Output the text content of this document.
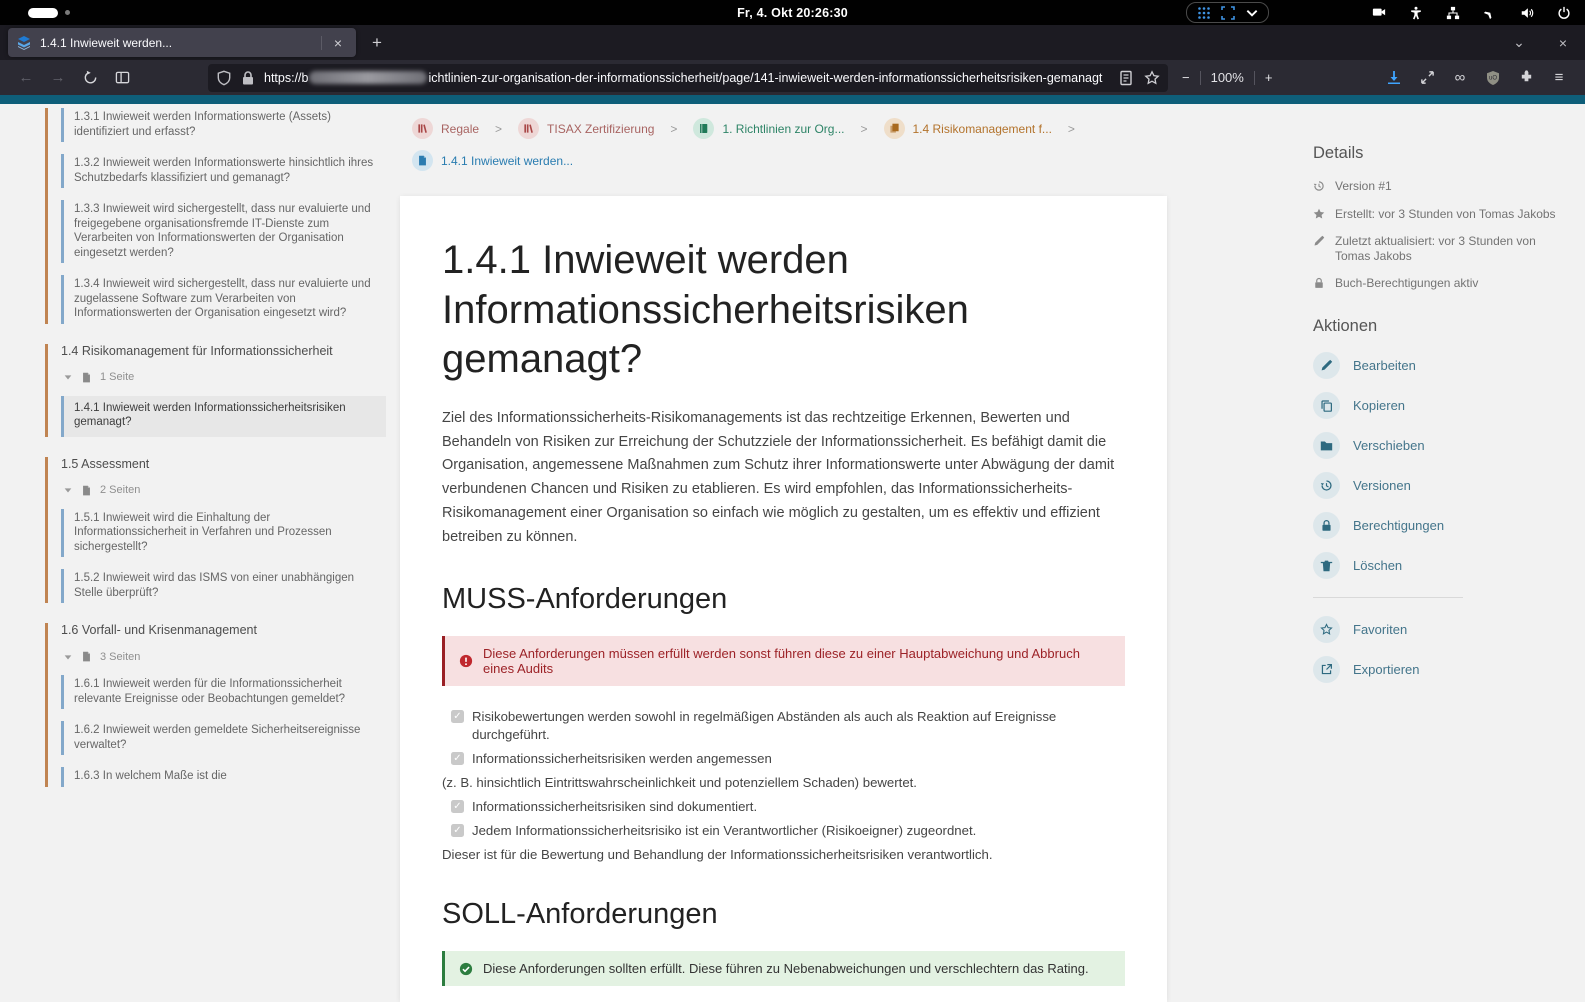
Fr, 4. Okt 20:26:30
1.4.1 Inwieweit werden...	×	+	⌄ ×
←	→	https://b	ichtlinien-zur-organisation-der-informationssicherheit/page/141-inwieweit-werden-informationssicherheitsrisiken-gemanagt	− 100% +	∞	≡
1.3.1 Inwieweit werden Informationswerte (Assets) identifiziert und erfasst?
1.3.2 Inwieweit werden Informationswerte hinsichtlich ihres Schutzbedarfs klassifiziert und gemanagt?
1.3.3 Inwieweit wird sichergestellt, dass nur evaluierte und freigegebene organisationsfremde IT-Dienste zum Verarbeiten von Informationswerten der Organisation eingesetzt werden?
1.3.4 Inwieweit wird sichergestellt, dass nur evaluierte und zugelassene Software zum Verarbeiten von Informationswerten der Organisation eingesetzt wird?
1.4 Risikomanagement für Informationssicherheit
1 Seite
1.4.1 Inwieweit werden Informationssicherheitsrisiken gemanagt?
1.5 Assessment
2 Seiten
1.5.1 Inwieweit wird die Einhaltung der Informationssicherheit in Verfahren und Prozessen sichergestellt?
1.5.2 Inwieweit wird das ISMS von einer unabhängigen Stelle überprüft?
1.6 Vorfall- und Krisenmanagement
3 Seiten
1.6.1 Inwieweit werden für die Informationssicherheit relevante Ereignisse oder Beobachtungen gemeldet?
1.6.2 Inwieweit werden gemeldete Sicherheitsereignisse verwaltet?
1.6.3 In welchem Maße ist die
Regale >	TISAX Zertifizierung >	1. Richtlinien zur Org... >	1.4 Risikomanagement f... >
1.4.1 Inwieweit werden...
1.4.1 Inwieweit werden Informationssicherheitsrisiken gemanagt?

Ziel des Informationssicherheits-Risikomanagements ist das rechtzeitige Erkennen, Bewerten und Behandeln von Risiken zur Erreichung der Schutzziele der Informationssicherheit. Es befähigt damit die Organisation, angemessene Maßnahmen zum Schutz ihrer Informationswerte unter Abwägung der damit verbundenen Chancen und Risiken zu etablieren. Es wird empfohlen, das Informationssicherheits-Risikomanagement einer Organisation so einfach wie möglich zu gestalten, um es effektiv und effizient betreiben zu können.

MUSS-Anforderungen
Diese Anforderungen müssen erfüllt werden sonst führen diese zu einer Hauptabweichung und Abbruch eines Audits
✓ Risikobewertungen werden sowohl in regelmäßigen Abständen als auch als Reaktion auf Ereignisse durchgeführt.
✓ Informationssicherheitsrisiken werden angemessen
(z. B. hinsichtlich Eintrittswahrscheinlichkeit und potenziellem Schaden) bewertet.
✓ Informationssicherheitsrisiken sind dokumentiert.
✓ Jedem Informationssicherheitsrisiko ist ein Verantwortlicher (Risikoeigner) zugeordnet.
Dieser ist für die Bewertung und Behandlung der Informationssicherheitsrisiken verantwortlich.
SOLL-Anforderungen
Diese Anforderungen sollten erfüllt. Diese führen zu Nebenabweichungen und verschlechtern das Rating.
Details
Version #1
Erstellt: vor 3 Stunden von Tomas Jakobs
Zuletzt aktualisiert: vor 3 Stunden von Tomas Jakobs
Buch-Berechtigungen aktiv
Aktionen
Bearbeiten
Kopieren
Verschieben
Versionen
Berechtigungen
Löschen
Favoriten
Exportieren
